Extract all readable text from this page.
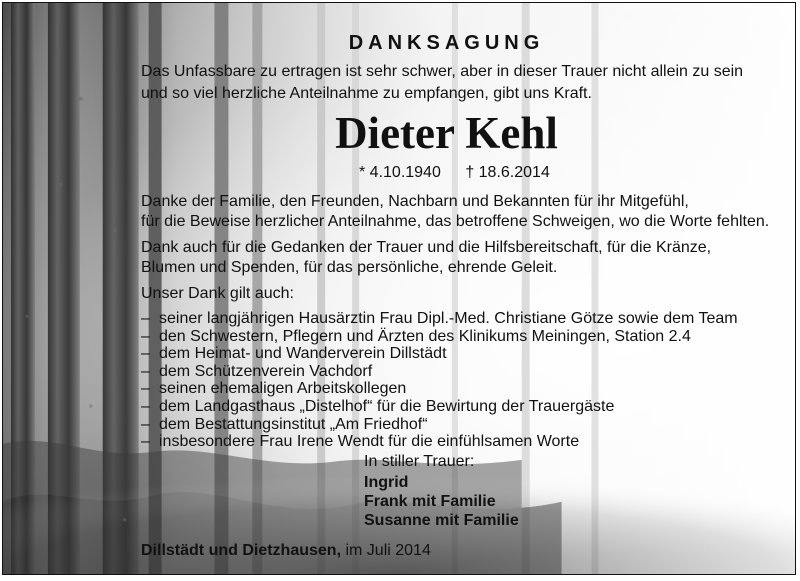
DANKSAGUNG
Das Unfassbare zu ertragen ist sehr schwer, aber in dieser Trauer nicht allein zu sein
und so viel herzliche Anteilnahme zu empfangen, gibt uns Kraft.
Dieter Kehl
* 4.10.1940 † 18.6.2014

Danke der Familie, den Freunden, Nachbarn und Bekannten für ihr Mitgefühl,
für die Beweise herzlicher Anteilnahme, das betroffene Schweigen, wo die Worte fehlten.

Dank auch für die Gedanken der Trauer und die Hilfsbereitschaft, für die Kränze,
Blumen und Spenden, für das persönliche, ehrende Geleit.

Unser Dank gilt auch:

– seiner langjährigen Hausärztin Frau Dipl.-Med. Christiane Götze sowie dem Team
– den Schwestern, Pflegern und Ärzten des Klinikums Meiningen, Station 2.4
– dem Heimat- und Wanderverein Dillstädt
– dem Schützenverein Vachdorf
– seinen ehemaligen Arbeitskollegen
– dem Landgasthaus „Distelhof“ für die Bewirtung der Trauergäste
– dem Bestattungsinstitut „Am Friedhof“
– insbesondere Frau Irene Wendt für die einfühlsamen Worte
In stiller Trauer:
Ingrid
Frank mit Familie
Susanne mit Familie
Dillstädt und Dietzhausen, im Juli 2014
